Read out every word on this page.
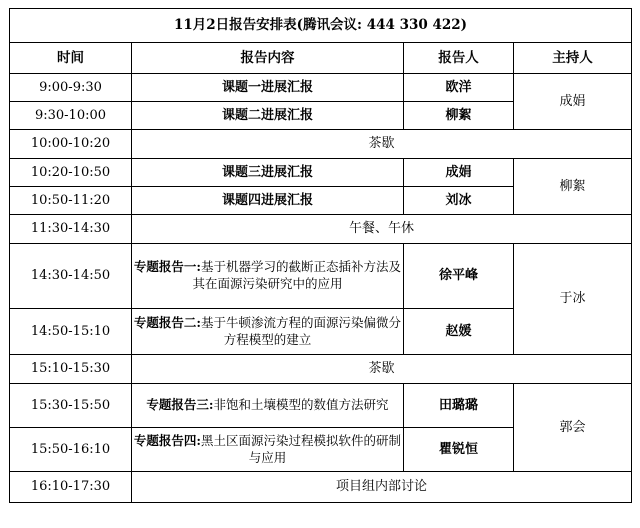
11月2日报告安排表(腾讯会议: 444 330 422)			
时间	报告内容	报告人	主持人
9:00-9:30	课题一进展汇报	欧洋	成娟
9:30-10:00	课题二进展汇报	柳絮	
10:00-10:20	茶歇		
10:20-10:50	课题三进展汇报	成娟	柳絮
10:50-11:20	课题四进展汇报	刘冰	
11:30-14:30	午餐、午休		
14:30-14:50	专题报告一:基于机器学习的截断正态插补方法及其在面源污染研究中的应用	徐平峰	于冰
14:50-15:10	专题报告二:基于牛顿渗流方程的面源污染偏微分方程模型的建立	赵媛	
15:10-15:30	茶歇		
15:30-15:50	专题报告三:非饱和土壤模型的数值方法研究	田璐璐	郭会
15:50-16:10	专题报告四:黑土区面源污染过程模拟软件的研制与应用	瞿锐恒	
16:10-17:30	项目组内部讨论		
